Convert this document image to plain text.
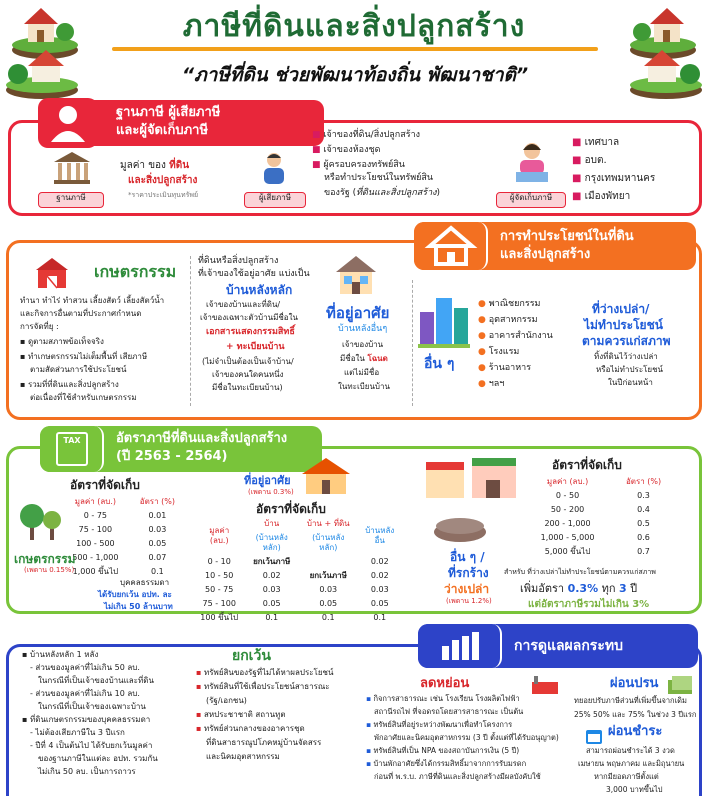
ภาษีที่ดินและสิ่งปลูกสร้าง
“ภาษีที่ดิน ช่วยพัฒนาท้องถิ่น พัฒนาชาติ”
ฐานภาษี ผู้เสียภาษี
และผู้จัดเก็บภาษี
ฐานภาษี
มูลค่า ของ ที่ดิน
และสิ่งปลูกสร้าง
*ราคาประเมินทุนทรัพย์	ผู้เสียภาษี
■ เจ้าของที่ดิน/สิ่งปลูกสร้าง
■ เจ้าของห้องชุด
■ ผู้ครอบครองทรัพย์สิน
หรือทำประโยชน์ในทรัพย์สิน
ของรัฐ (ที่ดินและสิ่งปลูกสร้าง)	ผู้จัดเก็บภาษี
■ เทศบาล
■ อบต.
■ กรุงเทพมหานคร
■ เมืองพัทยา
การทำประโยชน์ในที่ดิน
และสิ่งปลูกสร้าง
เกษตรกรรม
ทำนา ทำไร่ ทำสวน เลี้ยงสัตว์ เลี้ยงสัตว์น้ำ
และกิจการอื่นตามที่ประกาศกำหนด
การจัดที่ยุ :
▪ ดูตามสภาพข้อเท็จจริง
▪ ทำเกษตรกรรมไม่เต็มพื้นที่ เสียภาษี
ตามสัดส่วนการใช้ประโยชน์
▪ รวมที่ที่ดินและสิ่งปลูกสร้าง
ต่อเนื่องที่ใช้สำหรับเกษตรกรรม
ที่ดินหรือสิ่งปลูกสร้าง
ที่เจ้าของใช้อยู่อาศัย แบ่งเป็น
บ้านหลังหลัก
เจ้าของบ้านและที่ดิน/
เจ้าของเฉพาะตัวบ้านมีชื่อใน
เอกสารแสดงกรรมสิทธิ์
+ ทะเบียนบ้าน
(ไม่จำเป็นต้องเป็นเจ้าบ้าน/
เจ้าของคนใดคนหนึ่ง
มีชื่อในทะเบียนบ้าน)
ที่อยู่อาศัย
บ้านหลังอื่นๆ
เจ้าของบ้าน
มีชื่อใน โฉนด
แต่ไม่มีชื่อ
ในทะเบียนบ้าน
อื่น ๆ
● พาณิชยกรรม
● อุตสาหกรรม
● อาคารสำนักงาน
● โรงแรม
● ร้านอาหาร
● ฯลฯ
ที่ว่างเปล่า/
ไม่ทำประโยชน์
ตามควรแก่สภาพ
ทิ้งที่ดินไว้ว่างเปล่า
หรือไม่ทำประโยชน์
ในปีก่อนหน้า
อัตราภาษีที่ดินและสิ่งปลูกสร้าง
(ปี 2563 - 2564)
TAX
อัตราที่จัดเก็บ
มูลค่า (ลบ.)	อัตรา (%)
0 - 75	0.01
75 - 100	0.03
100 - 500	0.05
500 - 1,000	0.07
1,000 ขึ้นไป	0.1
เกษตรกรรม
(เพดาน 0.15%)
บุคคลธรรมดา
ได้รับยกเว้น อปท. ละ
ไม่เกิน 50 ล้านบาท
ที่อยู่อาศัย
(เพดาน 0.3%)
อัตราที่จัดเก็บ
มูลค่า (ลบ.)	บ้าน	บ้าน + ที่ดิน	บ้านหลังอื่น
	(บ้านหลังหลัก)	(บ้านหลังหลัก)	
0 - 10	ยกเว้นภาษี		0.02
10 - 50	0.02	ยกเว้นภาษี	0.02
50 - 75	0.03	0.03	0.03
75 - 100	0.05	0.05	0.05
100 ขึ้นไป	0.1	0.1	0.1
อัตราที่จัดเก็บ
มูลค่า (ลบ.)	อัตรา (%)
0 - 50	0.3
50 - 200	0.4
200 - 1,000	0.5
1,000 - 5,000	0.6
5,000 ขึ้นไป	0.7
อื่น ๆ /
ที่รกร้าง
ว่างเปล่า
(เพดาน 1.2%)
สำหรับ ที่ว่างเปล่าไม่ทำประโยชน์ตามควรแก่สภาพ
เพิ่มอัตรา 0.3% ทุก 3 ปี
แต่อัตราภาษีรวมไม่เกิน 3%
การดูแลผลกระทบ
▪ บ้านหลังหลัก 1 หลัง
- ส่วนของมูลค่าที่ไม่เกิน 50 ลบ.
ในกรณีที่เป็นเจ้าของบ้านและที่ดิน
- ส่วนของมูลค่าที่ไม่เกิน 10 ลบ.
ในกรณีที่เป็นเจ้าของเฉพาะบ้าน
▪ ที่ดินเกษตรกรรมของบุคคลธรรมดา
- ไม่ต้องเสียภาษีใน 3 ปีแรก
- ปีที่ 4 เป็นต้นไป ได้รับยกเว้นมูลค่า
ของฐานภาษีในแต่ละ อปท. รวมกัน
ไม่เกิน 50 ลบ. เป็นการถาวร
ยกเว้น
▪ ทรัพย์สินของรัฐที่ไม่ได้หาผลประโยชน์
▪ ทรัพย์สินที่ใช้เพื่อประโยชน์สาธารณะ
(รัฐ/เอกชน)
▪ สหประชาชาติ สถานทูต
▪ ทรัพย์ส่วนกลางของอาคารชุด
ที่ดินสาธารณูปโภคหมู่บ้านจัดสรร
และนิคมอุตสาหกรรม
ลดหย่อน
▪ กิจการสาธารณะ เช่น โรงเรียน โรงผลิตไฟฟ้า
สถานีรถไฟ ที่จอดรถโดยสารสาธารณะ เป็นต้น
▪ ทรัพย์สินที่อยู่ระหว่างพัฒนาเพื่อทำโครงการ
พักอาศัยและนิคมอุตสาหกรรม (3 ปี ตั้งแต่ที่ได้รับอนุญาต)
▪ ทรัพย์สินที่เป็น NPA ของสถาบันการเงิน (5 ปี)
▪ บ้านพักอาศัยซึ่งได้กรรมสิทธิ์มาจากการรับมรดก
ก่อนที่ พ.ร.บ. ภาษีที่ดินและสิ่งปลูกสร้างมีผลบังคับใช้
ผ่อนปรน
ทยอยปรับภาษีส่วนที่เพิ่มขึ้นจากเดิม
25% 50% และ 75% ในช่วง 3 ปีแรก
ผ่อนชำระ
สามารถผ่อนชำระได้ 3 งวด
เมษายน พฤษภาคม และมิถุนายน
หากมียอดภาษีตั้งแต่
3,000 บาทขึ้นไป
